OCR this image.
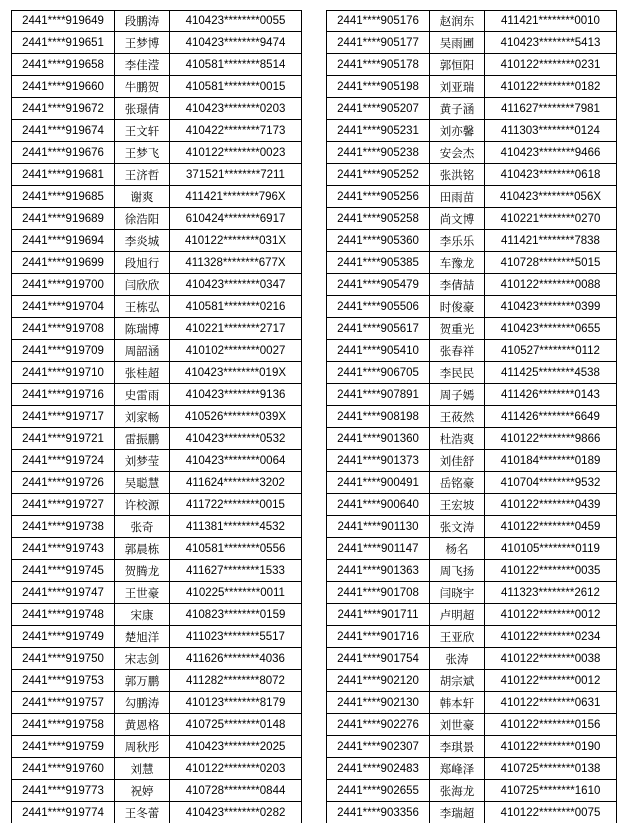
2441****919649	段鹏涛	410423********0055
2441****919651	王梦博	410423********9474
2441****919658	李佳滢	410581********8514
2441****919660	牛鹏贺	410581********0015
2441****919672	张璟倩	410423********0203
2441****919674	王文轩	410422********7173
2441****919676	王梦飞	410122********0023
2441****919681	王济哲	371521********7211
2441****919685	谢爽	411421********796X
2441****919689	徐浩阳	610424********6917
2441****919694	李炎城	410122********031X
2441****919699	段旭行	411328********677X
2441****919700	闫欣欣	410423********0347
2441****919704	王栋弘	410581********0216
2441****919708	陈瑞博	410221********2717
2441****919709	周韶涵	410102********0027
2441****919710	张桂超	410423********019X
2441****919716	史雷雨	410423********9136
2441****919717	刘家畅	410526********039X
2441****919721	雷振鹏	410423********0532
2441****919724	刘梦莹	410423********0064
2441****919726	吴聪慧	411624********3202
2441****919727	许校源	411722********0015
2441****919738	张奇	411381********4532
2441****919743	郭晨栋	410581********0556
2441****919745	贺腾龙	411627********1533
2441****919747	王世豪	410225********0011
2441****919748	宋康	410823********0159
2441****919749	楚旭洋	411023********5517
2441****919750	宋志剑	411626********4036
2441****919753	郭万鹏	411282********8072
2441****919757	勾鹏涛	410123********8179
2441****919758	黄恩格	410725********0148
2441****919759	周秋彤	410423********2025
2441****919760	刘慧	410122********0203
2441****919773	祝婷	410728********0844
2441****919774	王冬蕾	410423********0282
2441****905176	赵润东	411421********0010
2441****905177	吴雨圃	410423********5413
2441****905178	郭恒阳	410122********0231
2441****905198	刘亚瑞	410122********0182
2441****905207	黄子涵	411627********7981
2441****905231	刘亦馨	411303********0124
2441****905238	安会杰	410423********9466
2441****905252	张洪铭	410423********0618
2441****905256	田雨苗	410423********056X
2441****905258	尚文博	410221********0270
2441****905360	李乐乐	411421********7838
2441****905385	车豫龙	410728********5015
2441****905479	李倩喆	410122********0088
2441****905506	时俊豪	410423********0399
2441****905617	贺重光	410423********0655
2441****905410	张春祥	410527********0112
2441****906705	李民民	411425********4538
2441****907891	周子嫣	411426********0143
2441****908198	王莜然	411426********6649
2441****901360	杜浩爽	410122********9866
2441****901373	刘佳舒	410184********0189
2441****900491	岳铭豪	410704********9532
2441****900640	王宏坡	410122********0439
2441****901130	张文涛	410122********0459
2441****901147	杨名	410105********0119
2441****901363	周飞扬	410122********0035
2441****901708	闫晓宇	411323********2612
2441****901711	卢明超	410122********0012
2441****901716	王亚欣	410122********0234
2441****901754	张涛	410122********0038
2441****902120	胡宗斌	410122********0012
2441****902130	韩本轩	410122********0631
2441****902276	刘世豪	410122********0156
2441****902307	李琪景	410122********0190
2441****902483	郑峰泽	410725********0138
2441****902655	张海龙	410725********1610
2441****903356	李瑞超	410122********0075
